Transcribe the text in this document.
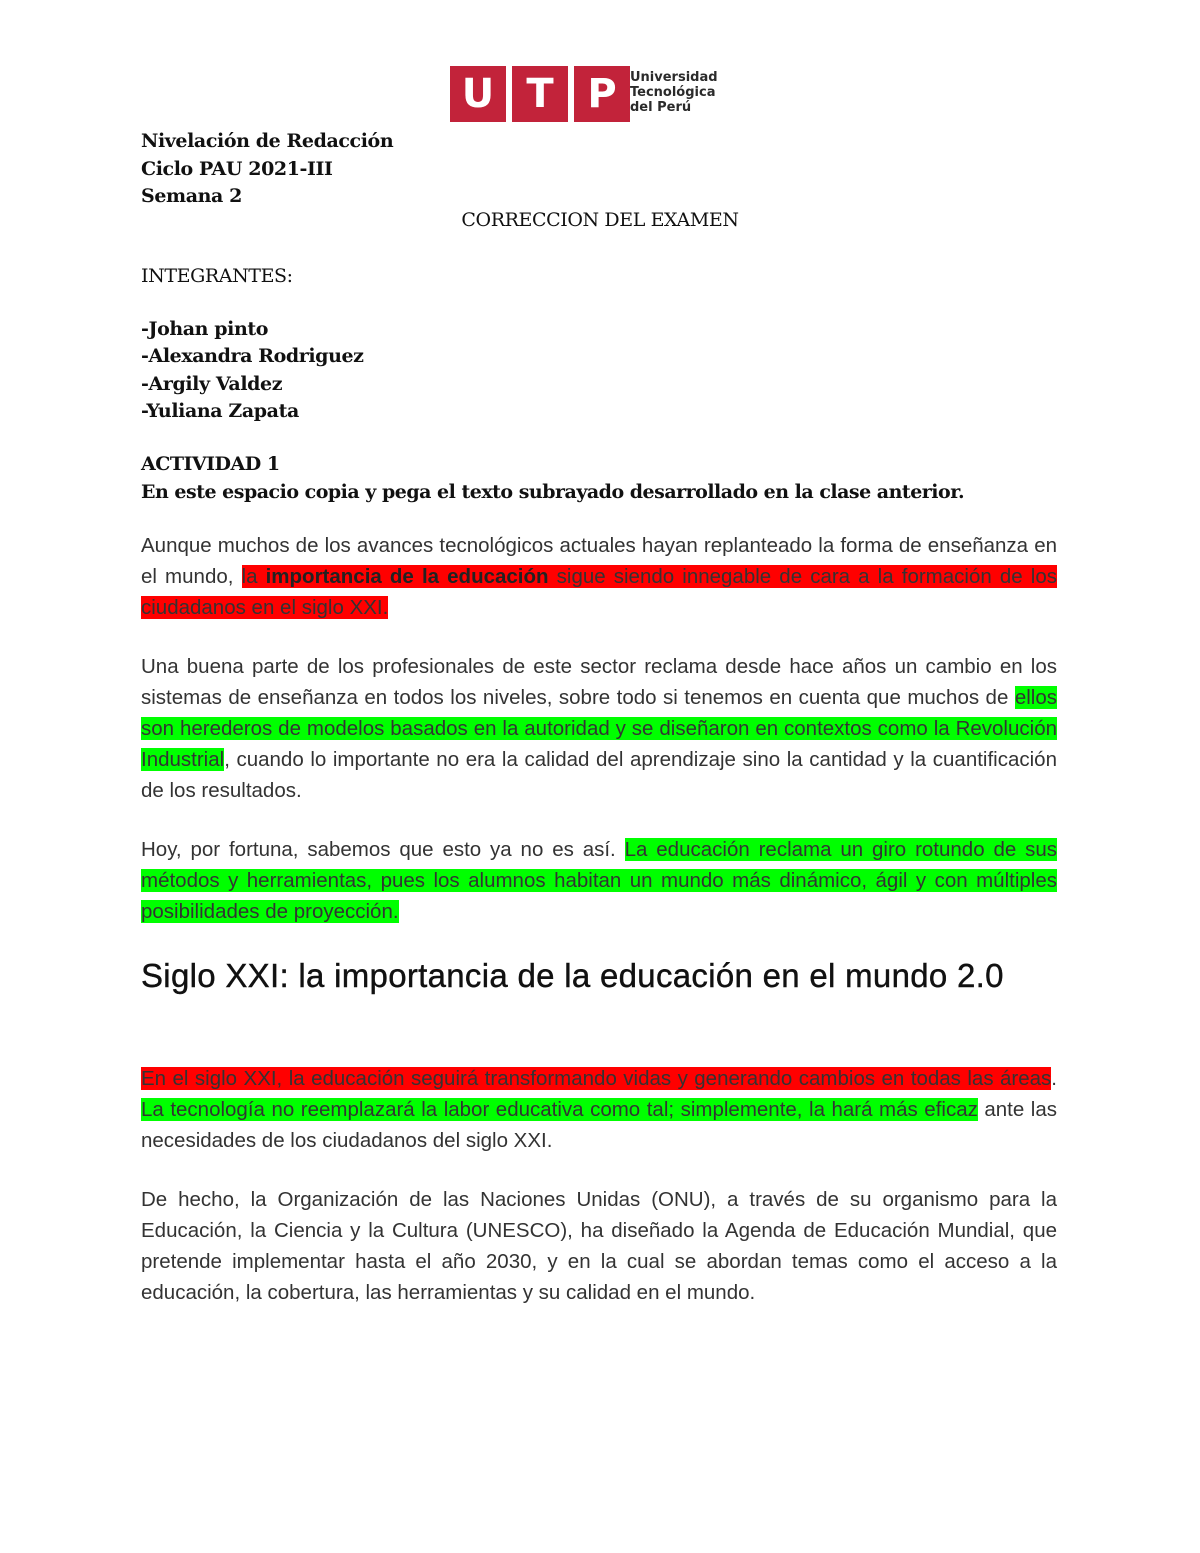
U T P	Universidad
Tecnológica
del Perú
Nivelación de Redacción
Ciclo PAU 2021-III
Semana 2
CORRECCION DEL EXAMEN
INTEGRANTES:
-Johan pinto
-Alexandra Rodriguez
-Argily Valdez
-Yuliana Zapata
ACTIVIDAD 1
En este espacio copia y pega el texto subrayado desarrollado en la clase anterior.

Aunque muchos de los avances tecnológicos actuales hayan replanteado la forma de enseñanza en el mundo, la importancia de la educación sigue siendo innegable de cara a la formación de los ciudadanos en el siglo XXI.

Una buena parte de los profesionales de este sector reclama desde hace años un cambio en los sistemas de enseñanza en todos los niveles, sobre todo si tenemos en cuenta que muchos de ellos son herederos de modelos basados en la autoridad y se diseñaron en contextos como la Revolución Industrial, cuando lo importante no era la calidad del aprendizaje sino la cantidad y la cuantificación de los resultados.

Hoy, por fortuna, sabemos que esto ya no es así. La educación reclama un giro rotundo de sus métodos y herramientas, pues los alumnos habitan un mundo más dinámico, ágil y con múltiples posibilidades de proyección.

Siglo XXI: la importancia de la educación en el mundo 2.0

En el siglo XXI, la educación seguirá transformando vidas y generando cambios en todas las áreas. La tecnología no reemplazará la labor educativa como tal; simplemente, la hará más eficaz ante las necesidades de los ciudadanos del siglo XXI.

De hecho, la Organización de las Naciones Unidas (ONU), a través de su organismo para la Educación, la Ciencia y la Cultura (UNESCO), ha diseñado la Agenda de Educación Mundial, que pretende implementar hasta el año 2030, y en la cual se abordan temas como el acceso a la educación, la cobertura, las herramientas y su calidad en el mundo.
